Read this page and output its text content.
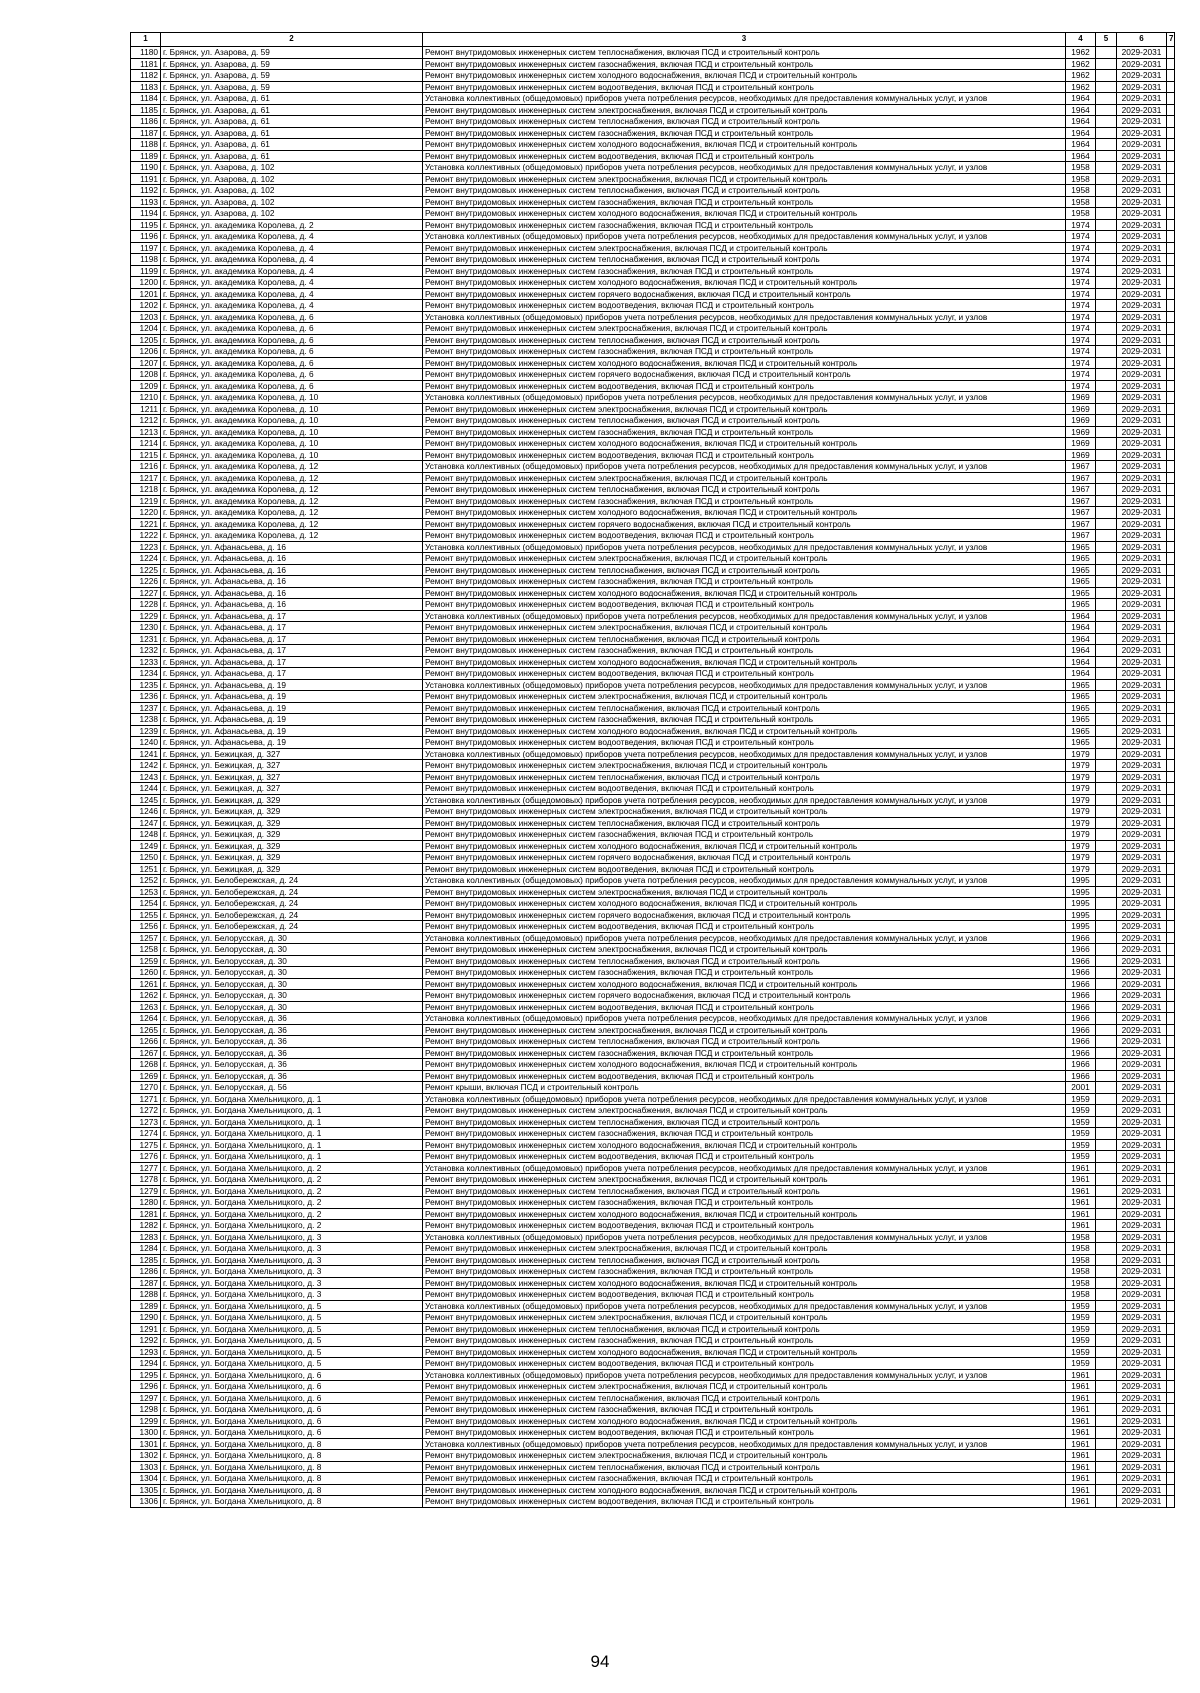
1	2	3	4	5	6	7
1180	г. Брянск, ул. Азарова, д. 59	Ремонт внутридомовых инженерных систем теплоснабжения, включая ПСД и строительный контроль	1962		2029-2031	
1181	г. Брянск, ул. Азарова, д. 59	Ремонт внутридомовых инженерных систем газоснабжения, включая ПСД и строительный контроль	1962		2029-2031	
1182	г. Брянск, ул. Азарова, д. 59	Ремонт внутридомовых инженерных систем холодного водоснабжения, включая ПСД и строительный контроль	1962		2029-2031	
1183	г. Брянск, ул. Азарова, д. 59	Ремонт внутридомовых инженерных систем водоотведения, включая ПСД и строительный контроль	1962		2029-2031	
1184	г. Брянск, ул. Азарова, д. 61	Установка коллективных (общедомовых) приборов учета потребления ресурсов, необходимых для предоставления коммунальных услуг, и узлов	1964		2029-2031	
1185	г. Брянск, ул. Азарова, д. 61	Ремонт внутридомовых инженерных систем электроснабжения, включая ПСД и строительный контроль	1964		2029-2031	
1186	г. Брянск, ул. Азарова, д. 61	Ремонт внутридомовых инженерных систем теплоснабжения, включая ПСД и строительный контроль	1964		2029-2031	
1187	г. Брянск, ул. Азарова, д. 61	Ремонт внутридомовых инженерных систем газоснабжения, включая ПСД и строительный контроль	1964		2029-2031	
1188	г. Брянск, ул. Азарова, д. 61	Ремонт внутридомовых инженерных систем холодного водоснабжения, включая ПСД и строительный контроль	1964		2029-2031	
1189	г. Брянск, ул. Азарова, д. 61	Ремонт внутридомовых инженерных систем водоотведения, включая ПСД и строительный контроль	1964		2029-2031	
1190	г. Брянск, ул. Азарова, д. 102	Установка коллективных (общедомовых) приборов учета потребления ресурсов, необходимых для предоставления коммунальных услуг, и узлов	1958		2029-2031	
1191	г. Брянск, ул. Азарова, д. 102	Ремонт внутридомовых инженерных систем электроснабжения, включая ПСД и строительный контроль	1958		2029-2031	
1192	г. Брянск, ул. Азарова, д. 102	Ремонт внутридомовых инженерных систем теплоснабжения, включая ПСД и строительный контроль	1958		2029-2031	
1193	г. Брянск, ул. Азарова, д. 102	Ремонт внутридомовых инженерных систем газоснабжения, включая ПСД и строительный контроль	1958		2029-2031	
1194	г. Брянск, ул. Азарова, д. 102	Ремонт внутридомовых инженерных систем холодного водоснабжения, включая ПСД и строительный контроль	1958		2029-2031	
1195	г. Брянск, ул. академика Королева, д. 2	Ремонт внутридомовых инженерных систем газоснабжения, включая ПСД и строительный контроль	1974		2029-2031	
1196	г. Брянск, ул. академика Королева, д. 4	Установка коллективных (общедомовых) приборов учета потребления ресурсов, необходимых для предоставления коммунальных услуг, и узлов	1974		2029-2031	
1197	г. Брянск, ул. академика Королева, д. 4	Ремонт внутридомовых инженерных систем электроснабжения, включая ПСД и строительный контроль	1974		2029-2031	
1198	г. Брянск, ул. академика Королева, д. 4	Ремонт внутридомовых инженерных систем теплоснабжения, включая ПСД и строительный контроль	1974		2029-2031	
1199	г. Брянск, ул. академика Королева, д. 4	Ремонт внутридомовых инженерных систем газоснабжения, включая ПСД и строительный контроль	1974		2029-2031	
1200	г. Брянск, ул. академика Королева, д. 4	Ремонт внутридомовых инженерных систем холодного водоснабжения, включая ПСД и строительный контроль	1974		2029-2031	
1201	г. Брянск, ул. академика Королева, д. 4	Ремонт внутридомовых инженерных систем горячего водоснабжения, включая ПСД и строительный контроль	1974		2029-2031	
1202	г. Брянск, ул. академика Королева, д. 4	Ремонт внутридомовых инженерных систем водоотведения, включая ПСД и строительный контроль	1974		2029-2031	
1203	г. Брянск, ул. академика Королева, д. 6	Установка коллективных (общедомовых) приборов учета потребления ресурсов, необходимых для предоставления коммунальных услуг, и узлов	1974		2029-2031	
1204	г. Брянск, ул. академика Королева, д. 6	Ремонт внутридомовых инженерных систем электроснабжения, включая ПСД и строительный контроль	1974		2029-2031	
1205	г. Брянск, ул. академика Королева, д. 6	Ремонт внутридомовых инженерных систем теплоснабжения, включая ПСД и строительный контроль	1974		2029-2031	
1206	г. Брянск, ул. академика Королева, д. 6	Ремонт внутридомовых инженерных систем газоснабжения, включая ПСД и строительный контроль	1974		2029-2031	
1207	г. Брянск, ул. академика Королева, д. 6	Ремонт внутридомовых инженерных систем холодного водоснабжения, включая ПСД и строительный контроль	1974		2029-2031	
1208	г. Брянск, ул. академика Королева, д. 6	Ремонт внутридомовых инженерных систем горячего водоснабжения, включая ПСД и строительный контроль	1974		2029-2031	
1209	г. Брянск, ул. академика Королева, д. 6	Ремонт внутридомовых инженерных систем водоотведения, включая ПСД и строительный контроль	1974		2029-2031	
1210	г. Брянск, ул. академика Королева, д. 10	Установка коллективных (общедомовых) приборов учета потребления ресурсов, необходимых для предоставления коммунальных услуг, и узлов	1969		2029-2031	
1211	г. Брянск, ул. академика Королева, д. 10	Ремонт внутридомовых инженерных систем электроснабжения, включая ПСД и строительный контроль	1969		2029-2031	
1212	г. Брянск, ул. академика Королева, д. 10	Ремонт внутридомовых инженерных систем теплоснабжения, включая ПСД и строительный контроль	1969		2029-2031	
1213	г. Брянск, ул. академика Королева, д. 10	Ремонт внутридомовых инженерных систем газоснабжения, включая ПСД и строительный контроль	1969		2029-2031	
1214	г. Брянск, ул. академика Королева, д. 10	Ремонт внутридомовых инженерных систем холодного водоснабжения, включая ПСД и строительный контроль	1969		2029-2031	
1215	г. Брянск, ул. академика Королева, д. 10	Ремонт внутридомовых инженерных систем водоотведения, включая ПСД и строительный контроль	1969		2029-2031	
1216	г. Брянск, ул. академика Королева, д. 12	Установка коллективных (общедомовых) приборов учета потребления ресурсов, необходимых для предоставления коммунальных услуг, и узлов	1967		2029-2031	
1217	г. Брянск, ул. академика Королева, д. 12	Ремонт внутридомовых инженерных систем электроснабжения, включая ПСД и строительный контроль	1967		2029-2031	
1218	г. Брянск, ул. академика Королева, д. 12	Ремонт внутридомовых инженерных систем теплоснабжения, включая ПСД и строительный контроль	1967		2029-2031	
1219	г. Брянск, ул. академика Королева, д. 12	Ремонт внутридомовых инженерных систем газоснабжения, включая ПСД и строительный контроль	1967		2029-2031	
1220	г. Брянск, ул. академика Королева, д. 12	Ремонт внутридомовых инженерных систем холодного водоснабжения, включая ПСД и строительный контроль	1967		2029-2031	
1221	г. Брянск, ул. академика Королева, д. 12	Ремонт внутридомовых инженерных систем горячего водоснабжения, включая ПСД и строительный контроль	1967		2029-2031	
1222	г. Брянск, ул. академика Королева, д. 12	Ремонт внутридомовых инженерных систем водоотведения, включая ПСД и строительный контроль	1967		2029-2031	
1223	г. Брянск, ул. Афанасьева, д. 16	Установка коллективных (общедомовых) приборов учета потребления ресурсов, необходимых для предоставления коммунальных услуг, и узлов	1965		2029-2031	
1224	г. Брянск, ул. Афанасьева, д. 16	Ремонт внутридомовых инженерных систем электроснабжения, включая ПСД и строительный контроль	1965		2029-2031	
1225	г. Брянск, ул. Афанасьева, д. 16	Ремонт внутридомовых инженерных систем теплоснабжения, включая ПСД и строительный контроль	1965		2029-2031	
1226	г. Брянск, ул. Афанасьева, д. 16	Ремонт внутридомовых инженерных систем газоснабжения, включая ПСД и строительный контроль	1965		2029-2031	
1227	г. Брянск, ул. Афанасьева, д. 16	Ремонт внутридомовых инженерных систем холодного водоснабжения, включая ПСД и строительный контроль	1965		2029-2031	
1228	г. Брянск, ул. Афанасьева, д. 16	Ремонт внутридомовых инженерных систем водоотведения, включая ПСД и строительный контроль	1965		2029-2031	
1229	г. Брянск, ул. Афанасьева, д. 17	Установка коллективных (общедомовых) приборов учета потребления ресурсов, необходимых для предоставления коммунальных услуг, и узлов	1964		2029-2031	
1230	г. Брянск, ул. Афанасьева, д. 17	Ремонт внутридомовых инженерных систем электроснабжения, включая ПСД и строительный контроль	1964		2029-2031	
1231	г. Брянск, ул. Афанасьева, д. 17	Ремонт внутридомовых инженерных систем теплоснабжения, включая ПСД и строительный контроль	1964		2029-2031	
1232	г. Брянск, ул. Афанасьева, д. 17	Ремонт внутридомовых инженерных систем газоснабжения, включая ПСД и строительный контроль	1964		2029-2031	
1233	г. Брянск, ул. Афанасьева, д. 17	Ремонт внутридомовых инженерных систем холодного водоснабжения, включая ПСД и строительный контроль	1964		2029-2031	
1234	г. Брянск, ул. Афанасьева, д. 17	Ремонт внутридомовых инженерных систем водоотведения, включая ПСД и строительный контроль	1964		2029-2031	
1235	г. Брянск, ул. Афанасьева, д. 19	Установка коллективных (общедомовых) приборов учета потребления ресурсов, необходимых для предоставления коммунальных услуг, и узлов	1965		2029-2031	
1236	г. Брянск, ул. Афанасьева, д. 19	Ремонт внутридомовых инженерных систем электроснабжения, включая ПСД и строительный контроль	1965		2029-2031	
1237	г. Брянск, ул. Афанасьева, д. 19	Ремонт внутридомовых инженерных систем теплоснабжения, включая ПСД и строительный контроль	1965		2029-2031	
1238	г. Брянск, ул. Афанасьева, д. 19	Ремонт внутридомовых инженерных систем газоснабжения, включая ПСД и строительный контроль	1965		2029-2031	
1239	г. Брянск, ул. Афанасьева, д. 19	Ремонт внутридомовых инженерных систем холодного водоснабжения, включая ПСД и строительный контроль	1965		2029-2031	
1240	г. Брянск, ул. Афанасьева, д. 19	Ремонт внутридомовых инженерных систем водоотведения, включая ПСД и строительный контроль	1965		2029-2031	
1241	г. Брянск, ул. Бежицкая, д. 327	Установка коллективных (общедомовых) приборов учета потребления ресурсов, необходимых для предоставления коммунальных услуг, и узлов	1979		2029-2031	
1242	г. Брянск, ул. Бежицкая, д. 327	Ремонт внутридомовых инженерных систем электроснабжения, включая ПСД и строительный контроль	1979		2029-2031	
1243	г. Брянск, ул. Бежицкая, д. 327	Ремонт внутридомовых инженерных систем теплоснабжения, включая ПСД и строительный контроль	1979		2029-2031	
1244	г. Брянск, ул. Бежицкая, д. 327	Ремонт внутридомовых инженерных систем водоотведения, включая ПСД и строительный контроль	1979		2029-2031	
1245	г. Брянск, ул. Бежицкая, д. 329	Установка коллективных (общедомовых) приборов учета потребления ресурсов, необходимых для предоставления коммунальных услуг, и узлов	1979		2029-2031	
1246	г. Брянск, ул. Бежицкая, д. 329	Ремонт внутридомовых инженерных систем электроснабжения, включая ПСД и строительный контроль	1979		2029-2031	
1247	г. Брянск, ул. Бежицкая, д. 329	Ремонт внутридомовых инженерных систем теплоснабжения, включая ПСД и строительный контроль	1979		2029-2031	
1248	г. Брянск, ул. Бежицкая, д. 329	Ремонт внутридомовых инженерных систем газоснабжения, включая ПСД и строительный контроль	1979		2029-2031	
1249	г. Брянск, ул. Бежицкая, д. 329	Ремонт внутридомовых инженерных систем холодного водоснабжения, включая ПСД и строительный контроль	1979		2029-2031	
1250	г. Брянск, ул. Бежицкая, д. 329	Ремонт внутридомовых инженерных систем горячего водоснабжения, включая ПСД и строительный контроль	1979		2029-2031	
1251	г. Брянск, ул. Бежицкая, д. 329	Ремонт внутридомовых инженерных систем водоотведения, включая ПСД и строительный контроль	1979		2029-2031	
1252	г. Брянск, ул. Белобережская, д. 24	Установка коллективных (общедомовых) приборов учета потребления ресурсов, необходимых для предоставления коммунальных услуг, и узлов	1995		2029-2031	
1253	г. Брянск, ул. Белобережская, д. 24	Ремонт внутридомовых инженерных систем электроснабжения, включая ПСД и строительный контроль	1995		2029-2031	
1254	г. Брянск, ул. Белобережская, д. 24	Ремонт внутридомовых инженерных систем холодного водоснабжения, включая ПСД и строительный контроль	1995		2029-2031	
1255	г. Брянск, ул. Белобережская, д. 24	Ремонт внутридомовых инженерных систем горячего водоснабжения, включая ПСД и строительный контроль	1995		2029-2031	
1256	г. Брянск, ул. Белобережская, д. 24	Ремонт внутридомовых инженерных систем водоотведения, включая ПСД и строительный контроль	1995		2029-2031	
1257	г. Брянск, ул. Белорусская, д. 30	Установка коллективных (общедомовых) приборов учета потребления ресурсов, необходимых для предоставления коммунальных услуг, и узлов	1966		2029-2031	
1258	г. Брянск, ул. Белорусская, д. 30	Ремонт внутридомовых инженерных систем электроснабжения, включая ПСД и строительный контроль	1966		2029-2031	
1259	г. Брянск, ул. Белорусская, д. 30	Ремонт внутридомовых инженерных систем теплоснабжения, включая ПСД и строительный контроль	1966		2029-2031	
1260	г. Брянск, ул. Белорусская, д. 30	Ремонт внутридомовых инженерных систем газоснабжения, включая ПСД и строительный контроль	1966		2029-2031	
1261	г. Брянск, ул. Белорусская, д. 30	Ремонт внутридомовых инженерных систем холодного водоснабжения, включая ПСД и строительный контроль	1966		2029-2031	
1262	г. Брянск, ул. Белорусская, д. 30	Ремонт внутридомовых инженерных систем горячего водоснабжения, включая ПСД и строительный контроль	1966		2029-2031	
1263	г. Брянск, ул. Белорусская, д. 30	Ремонт внутридомовых инженерных систем водоотведения, включая ПСД и строительный контроль	1966		2029-2031	
1264	г. Брянск, ул. Белорусская, д. 36	Установка коллективных (общедомовых) приборов учета потребления ресурсов, необходимых для предоставления коммунальных услуг, и узлов	1966		2029-2031	
1265	г. Брянск, ул. Белорусская, д. 36	Ремонт внутридомовых инженерных систем электроснабжения, включая ПСД и строительный контроль	1966		2029-2031	
1266	г. Брянск, ул. Белорусская, д. 36	Ремонт внутридомовых инженерных систем теплоснабжения, включая ПСД и строительный контроль	1966		2029-2031	
1267	г. Брянск, ул. Белорусская, д. 36	Ремонт внутридомовых инженерных систем газоснабжения, включая ПСД и строительный контроль	1966		2029-2031	
1268	г. Брянск, ул. Белорусская, д. 36	Ремонт внутридомовых инженерных систем холодного водоснабжения, включая ПСД и строительный контроль	1966		2029-2031	
1269	г. Брянск, ул. Белорусская, д. 36	Ремонт внутридомовых инженерных систем водоотведения, включая ПСД и строительный контроль	1966		2029-2031	
1270	г. Брянск, ул. Белорусская, д. 56	Ремонт крыши, включая ПСД и строительный контроль	2001		2029-2031	
1271	г. Брянск, ул. Богдана Хмельницкого, д. 1	Установка коллективных (общедомовых) приборов учета потребления ресурсов, необходимых для предоставления коммунальных услуг, и узлов	1959		2029-2031	
1272	г. Брянск, ул. Богдана Хмельницкого, д. 1	Ремонт внутридомовых инженерных систем электроснабжения, включая ПСД и строительный контроль	1959		2029-2031	
1273	г. Брянск, ул. Богдана Хмельницкого, д. 1	Ремонт внутридомовых инженерных систем теплоснабжения, включая ПСД и строительный контроль	1959		2029-2031	
1274	г. Брянск, ул. Богдана Хмельницкого, д. 1	Ремонт внутридомовых инженерных систем газоснабжения, включая ПСД и строительный контроль	1959		2029-2031	
1275	г. Брянск, ул. Богдана Хмельницкого, д. 1	Ремонт внутридомовых инженерных систем холодного водоснабжения, включая ПСД и строительный контроль	1959		2029-2031	
1276	г. Брянск, ул. Богдана Хмельницкого, д. 1	Ремонт внутридомовых инженерных систем водоотведения, включая ПСД и строительный контроль	1959		2029-2031	
1277	г. Брянск, ул. Богдана Хмельницкого, д. 2	Установка коллективных (общедомовых) приборов учета потребления ресурсов, необходимых для предоставления коммунальных услуг, и узлов	1961		2029-2031	
1278	г. Брянск, ул. Богдана Хмельницкого, д. 2	Ремонт внутридомовых инженерных систем электроснабжения, включая ПСД и строительный контроль	1961		2029-2031	
1279	г. Брянск, ул. Богдана Хмельницкого, д. 2	Ремонт внутридомовых инженерных систем теплоснабжения, включая ПСД и строительный контроль	1961		2029-2031	
1280	г. Брянск, ул. Богдана Хмельницкого, д. 2	Ремонт внутридомовых инженерных систем газоснабжения, включая ПСД и строительный контроль	1961		2029-2031	
1281	г. Брянск, ул. Богдана Хмельницкого, д. 2	Ремонт внутридомовых инженерных систем холодного водоснабжения, включая ПСД и строительный контроль	1961		2029-2031	
1282	г. Брянск, ул. Богдана Хмельницкого, д. 2	Ремонт внутридомовых инженерных систем водоотведения, включая ПСД и строительный контроль	1961		2029-2031	
1283	г. Брянск, ул. Богдана Хмельницкого, д. 3	Установка коллективных (общедомовых) приборов учета потребления ресурсов, необходимых для предоставления коммунальных услуг, и узлов	1958		2029-2031	
1284	г. Брянск, ул. Богдана Хмельницкого, д. 3	Ремонт внутридомовых инженерных систем электроснабжения, включая ПСД и строительный контроль	1958		2029-2031	
1285	г. Брянск, ул. Богдана Хмельницкого, д. 3	Ремонт внутридомовых инженерных систем теплоснабжения, включая ПСД и строительный контроль	1958		2029-2031	
1286	г. Брянск, ул. Богдана Хмельницкого, д. 3	Ремонт внутридомовых инженерных систем газоснабжения, включая ПСД и строительный контроль	1958		2029-2031	
1287	г. Брянск, ул. Богдана Хмельницкого, д. 3	Ремонт внутридомовых инженерных систем холодного водоснабжения, включая ПСД и строительный контроль	1958		2029-2031	
1288	г. Брянск, ул. Богдана Хмельницкого, д. 3	Ремонт внутридомовых инженерных систем водоотведения, включая ПСД и строительный контроль	1958		2029-2031	
1289	г. Брянск, ул. Богдана Хмельницкого, д. 5	Установка коллективных (общедомовых) приборов учета потребления ресурсов, необходимых для предоставления коммунальных услуг, и узлов	1959		2029-2031	
1290	г. Брянск, ул. Богдана Хмельницкого, д. 5	Ремонт внутридомовых инженерных систем электроснабжения, включая ПСД и строительный контроль	1959		2029-2031	
1291	г. Брянск, ул. Богдана Хмельницкого, д. 5	Ремонт внутридомовых инженерных систем теплоснабжения, включая ПСД и строительный контроль	1959		2029-2031	
1292	г. Брянск, ул. Богдана Хмельницкого, д. 5	Ремонт внутридомовых инженерных систем газоснабжения, включая ПСД и строительный контроль	1959		2029-2031	
1293	г. Брянск, ул. Богдана Хмельницкого, д. 5	Ремонт внутридомовых инженерных систем холодного водоснабжения, включая ПСД и строительный контроль	1959		2029-2031	
1294	г. Брянск, ул. Богдана Хмельницкого, д. 5	Ремонт внутридомовых инженерных систем водоотведения, включая ПСД и строительный контроль	1959		2029-2031	
1295	г. Брянск, ул. Богдана Хмельницкого, д. 6	Установка коллективных (общедомовых) приборов учета потребления ресурсов, необходимых для предоставления коммунальных услуг, и узлов	1961		2029-2031	
1296	г. Брянск, ул. Богдана Хмельницкого, д. 6	Ремонт внутридомовых инженерных систем электроснабжения, включая ПСД и строительный контроль	1961		2029-2031	
1297	г. Брянск, ул. Богдана Хмельницкого, д. 6	Ремонт внутридомовых инженерных систем теплоснабжения, включая ПСД и строительный контроль	1961		2029-2031	
1298	г. Брянск, ул. Богдана Хмельницкого, д. 6	Ремонт внутридомовых инженерных систем газоснабжения, включая ПСД и строительный контроль	1961		2029-2031	
1299	г. Брянск, ул. Богдана Хмельницкого, д. 6	Ремонт внутридомовых инженерных систем холодного водоснабжения, включая ПСД и строительный контроль	1961		2029-2031	
1300	г. Брянск, ул. Богдана Хмельницкого, д. 6	Ремонт внутридомовых инженерных систем водоотведения, включая ПСД и строительный контроль	1961		2029-2031	
1301	г. Брянск, ул. Богдана Хмельницкого, д. 8	Установка коллективных (общедомовых) приборов учета потребления ресурсов, необходимых для предоставления коммунальных услуг, и узлов	1961		2029-2031	
1302	г. Брянск, ул. Богдана Хмельницкого, д. 8	Ремонт внутридомовых инженерных систем электроснабжения, включая ПСД и строительный контроль	1961		2029-2031	
1303	г. Брянск, ул. Богдана Хмельницкого, д. 8	Ремонт внутридомовых инженерных систем теплоснабжения, включая ПСД и строительный контроль	1961		2029-2031	
1304	г. Брянск, ул. Богдана Хмельницкого, д. 8	Ремонт внутридомовых инженерных систем газоснабжения, включая ПСД и строительный контроль	1961		2029-2031	
1305	г. Брянск, ул. Богдана Хмельницкого, д. 8	Ремонт внутридомовых инженерных систем холодного водоснабжения, включая ПСД и строительный контроль	1961		2029-2031	
1306	г. Брянск, ул. Богдана Хмельницкого, д. 8	Ремонт внутридомовых инженерных систем водоотведения, включая ПСД и строительный контроль	1961		2029-2031	
94
